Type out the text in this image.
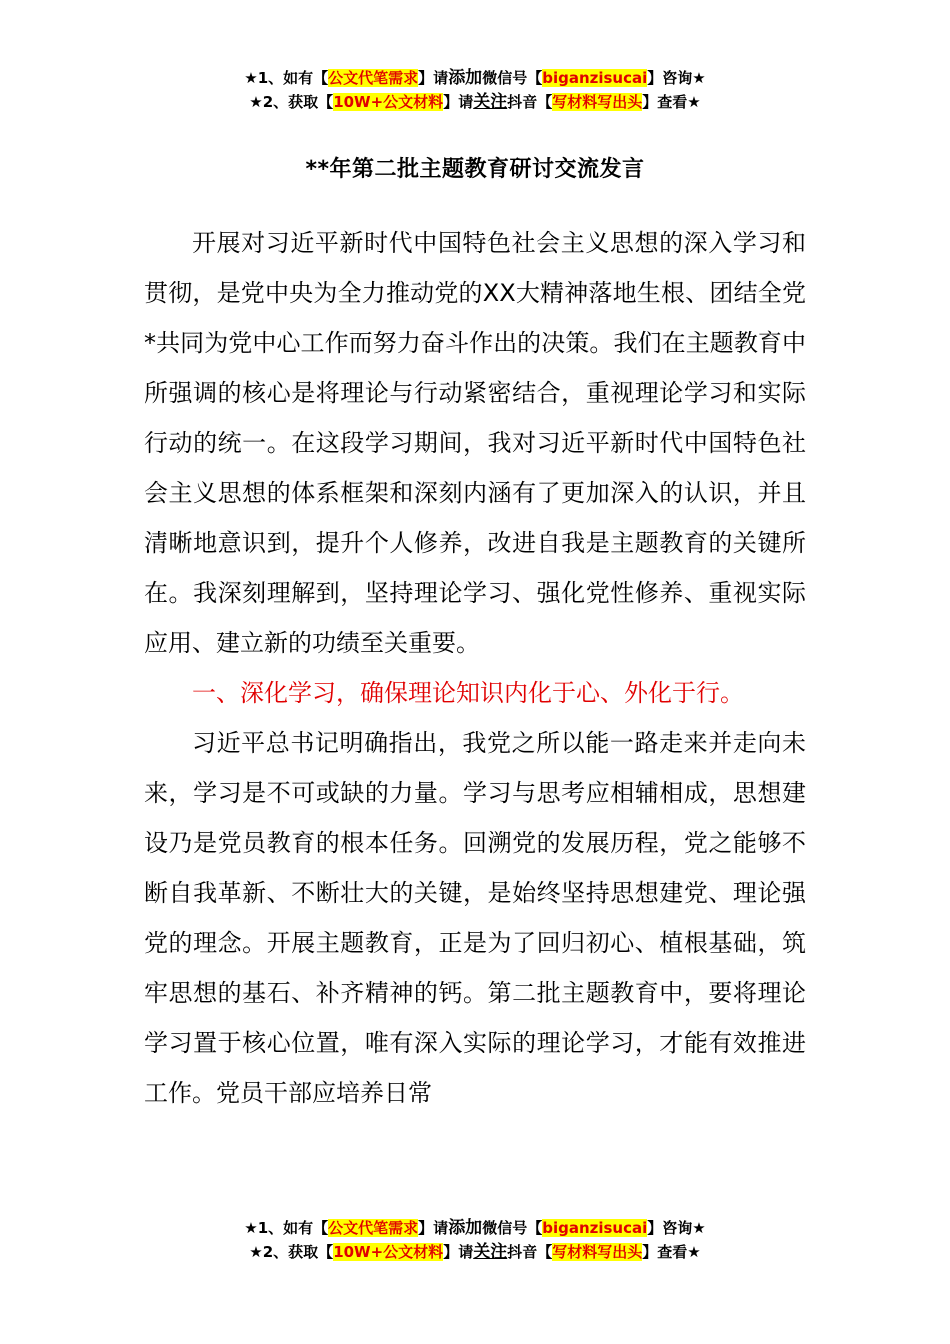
★1、如有【公文代笔需求】请添加微信号【biganzisucai】咨询★
★2、获取【10W+公文材料】请关注抖音【写材料写出头】查看★
**年第二批主题教育研讨交流发言

开展对习近平新时代中国特色社会主义思想的深入学习和贯彻，是党中央为全力推动党的XX大精神落地生根、团结全党*共同为党中心工作而努力奋斗作出的决策。我们在主题教育中所强调的核心是将理论与行动紧密结合，重视理论学习和实际行动的统一。在这段学习期间，我对习近平新时代中国特色社会主义思想的体系框架和深刻内涵有了更加深入的认识，并且清晰地意识到，提升个人修养，改进自我是主题教育的关键所在。我深刻理解到，坚持理论学习、强化党性修养、重视实际应用、建立新的功绩至关重要。

一、深化学习，确保理论知识内化于心、外化于行。

习近平总书记明确指出，我党之所以能一路走来并走向未来，学习是不可或缺的力量。学习与思考应相辅相成，思想建设乃是党员教育的根本任务。回溯党的发展历程，党之能够不断自我革新、不断壮大的关键，是始终坚持思想建党、理论强党的理念。开展主题教育，正是为了回归初心、植根基础，筑牢思想的基石、补齐精神的钙。第二批主题教育中，要将理论学习置于核心位置，唯有深入实际的理论学习，才能有效推进工作。党员干部应培养日常

★1、如有【公文代笔需求】请添加微信号【biganzisucai】咨询★
★2、获取【10W+公文材料】请关注抖音【写材料写出头】查看★
